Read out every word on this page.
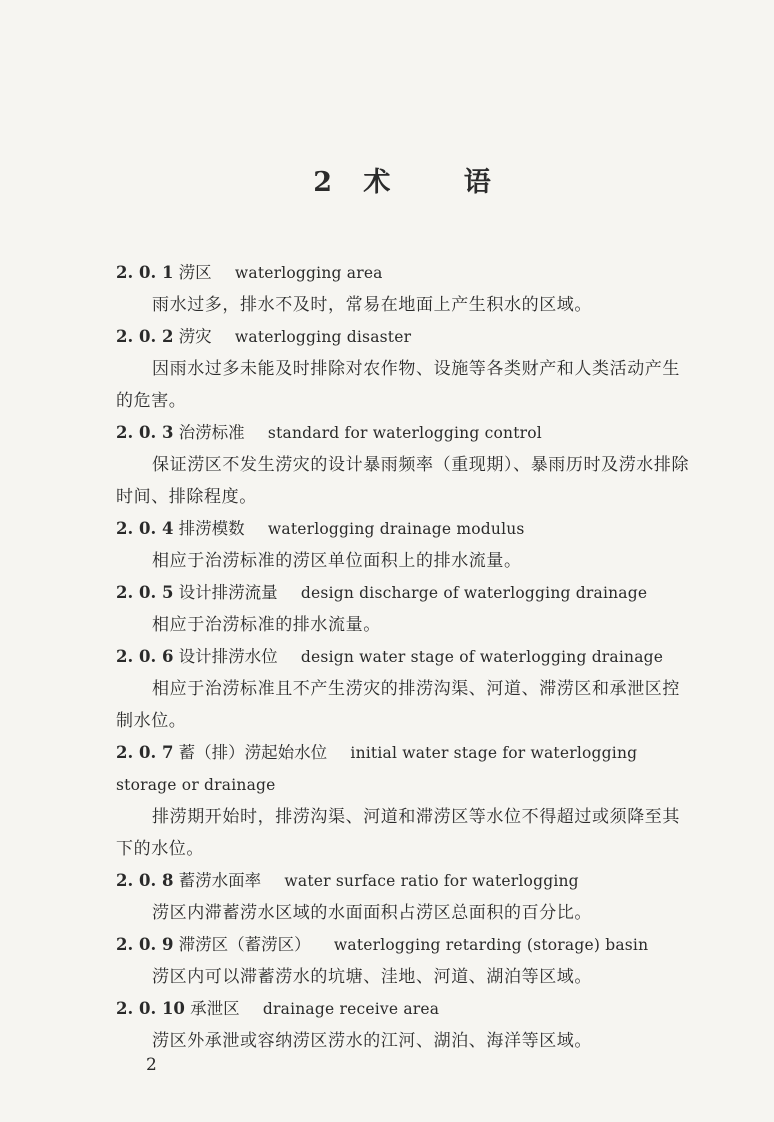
2 术	语
2. 0. 1 涝区 waterlogging area

雨水过多，排水不及时，常易在地面上产生积水的区域。

2. 0. 2 涝灾 waterlogging disaster

因雨水过多未能及时排除对农作物、设施等各类财产和人类活动产生的危害。

2. 0. 3 治涝标准 standard for waterlogging control

保证涝区不发生涝灾的设计暴雨频率（重现期）、暴雨历时及涝水排除时间、排除程度。

2. 0. 4 排涝模数 waterlogging drainage modulus

相应于治涝标准的涝区单位面积上的排水流量。

2. 0. 5 设计排涝流量 design discharge of waterlogging drainage

相应于治涝标准的排水流量。

2. 0. 6 设计排涝水位 design water stage of waterlogging drainage

相应于治涝标准且不产生涝灾的排涝沟渠、河道、滞涝区和承泄区控制水位。

2. 0. 7 蓄（排）涝起始水位 initial water stage for waterlogging storage or drainage

排涝期开始时，排涝沟渠、河道和滞涝区等水位不得超过或须降至其下的水位。

2. 0. 8 蓄涝水面率 water surface ratio for waterlogging

涝区内滞蓄涝水区域的水面面积占涝区总面积的百分比。

2. 0. 9 滞涝区（蓄涝区） waterlogging retarding (storage) basin

涝区内可以滞蓄涝水的坑塘、洼地、河道、湖泊等区域。

2. 0. 10 承泄区 drainage receive area

涝区外承泄或容纳涝区涝水的江河、湖泊、海洋等区域。

2
